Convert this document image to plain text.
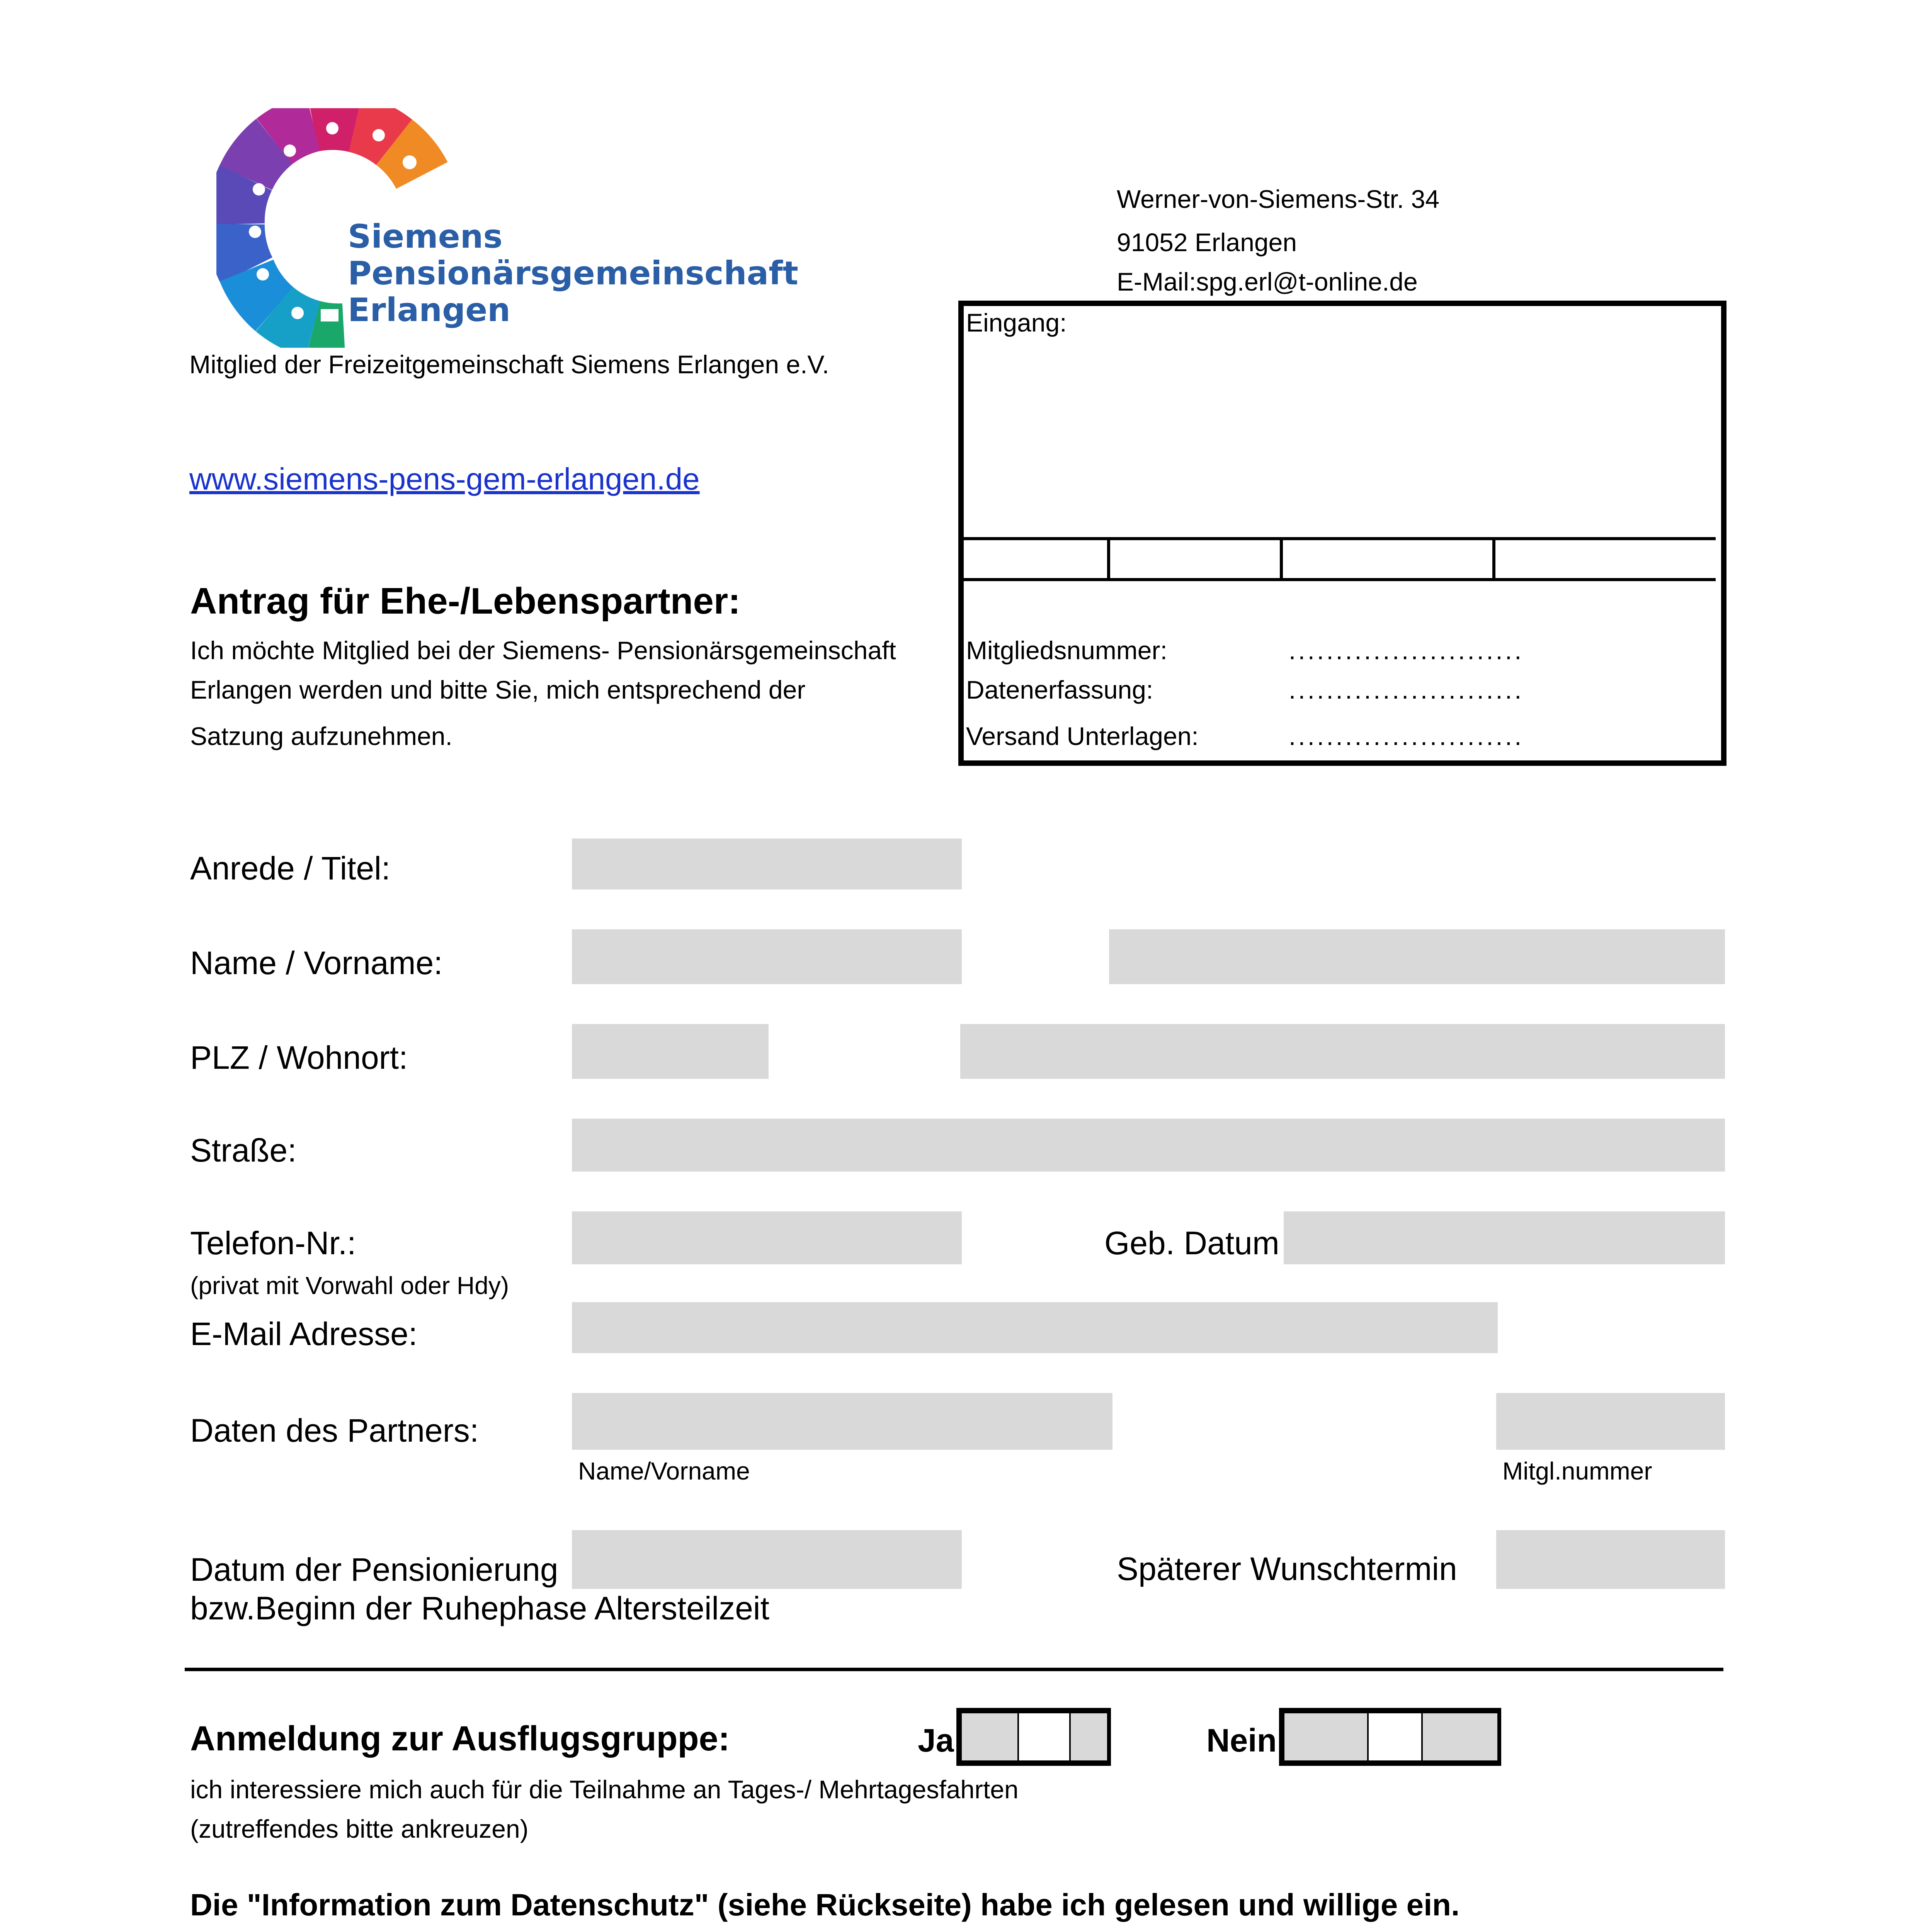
Siemens
Pensionärsgemeinschaft
Erlangen
Mitglied der Freizeitgemeinschaft Siemens Erlangen e.V.
www.siemens-pens-gem-erlangen.de
Werner-von-Siemens-Str. 34
91052 Erlangen
E-Mail:spg.erl@t-online.de
Eingang:
Mitgliedsnummer:	.........................
Datenerfassung:	.........................
Versand Unterlagen:	.........................
Antrag für Ehe-/Lebenspartner:
Ich möchte Mitglied bei der Siemens- Pensionärsgemeinschaft
Erlangen werden und bitte Sie, mich entsprechend der
Satzung aufzunehmen.
Anrede / Titel:
Name / Vorname:
PLZ / Wohnort:
Straße:
Telefon-Nr.:
(privat mit Vorwahl oder Hdy)
Geb. Datum
E-Mail Adresse:
Daten des Partners:
Name/Vorname	Mitgl.nummer
Datum der Pensionierung
bzw.Beginn der Ruhephase Altersteilzeit
Späterer Wunschtermin
Anmeldung zur Ausflugsgruppe:	Ja	Nein
ich interessiere mich auch für die Teilnahme an Tages-/ Mehrtagesfahrten
(zutreffendes bitte ankreuzen)
Die "Information zum Datenschutz" (siehe Rückseite) habe ich gelesen und willige ein.
